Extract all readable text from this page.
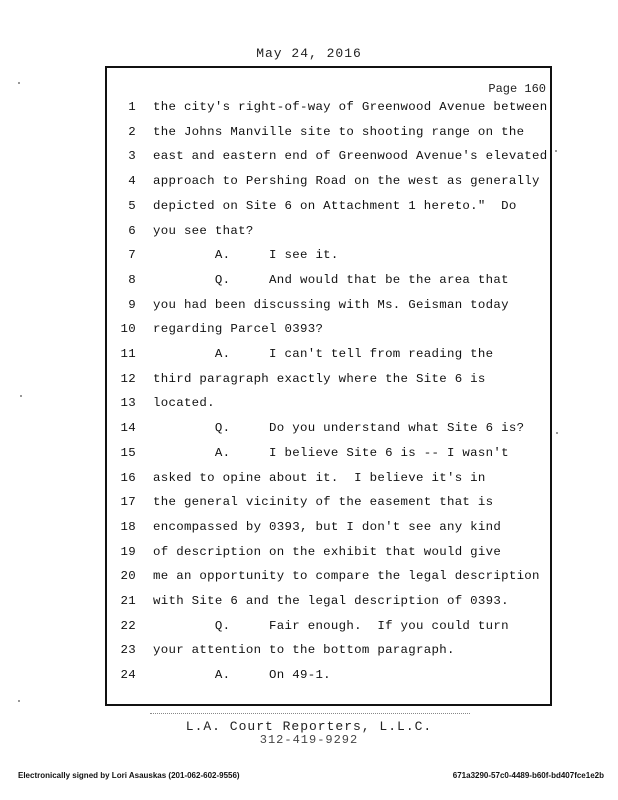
May 24, 2016
Page 160
1 the city's right-of-way of Greenwood Avenue between
2 the Johns Manville site to shooting range on the
3 east and eastern end of Greenwood Avenue's elevated
4 approach to Pershing Road on the west as generally
5 depicted on Site 6 on Attachment 1 hereto."  Do
6 you see that?
7 A.     I see it.
8 Q.     And would that be the area that
9 you had been discussing with Ms. Geisman today
10 regarding Parcel 0393?
11 A.     I can't tell from reading the
12 third paragraph exactly where the Site 6 is
13 located.
14 Q.     Do you understand what Site 6 is?
15 A.     I believe Site 6 is -- I wasn't
16 asked to opine about it.  I believe it's in
17 the general vicinity of the easement that is
18 encompassed by 0393, but I don't see any kind
19 of description on the exhibit that would give
20 me an opportunity to compare the legal description
21 with Site 6 and the legal description of 0393.
22 Q.     Fair enough.  If you could turn
23 your attention to the bottom paragraph.
24 A.     On 49-1.
L.A. Court Reporters, L.L.C.
312-419-9292
Electronically signed by Lori Asauskas (201-062-602-9556)	671a3290-57c0-4489-b60f-bd407fce1e2b
